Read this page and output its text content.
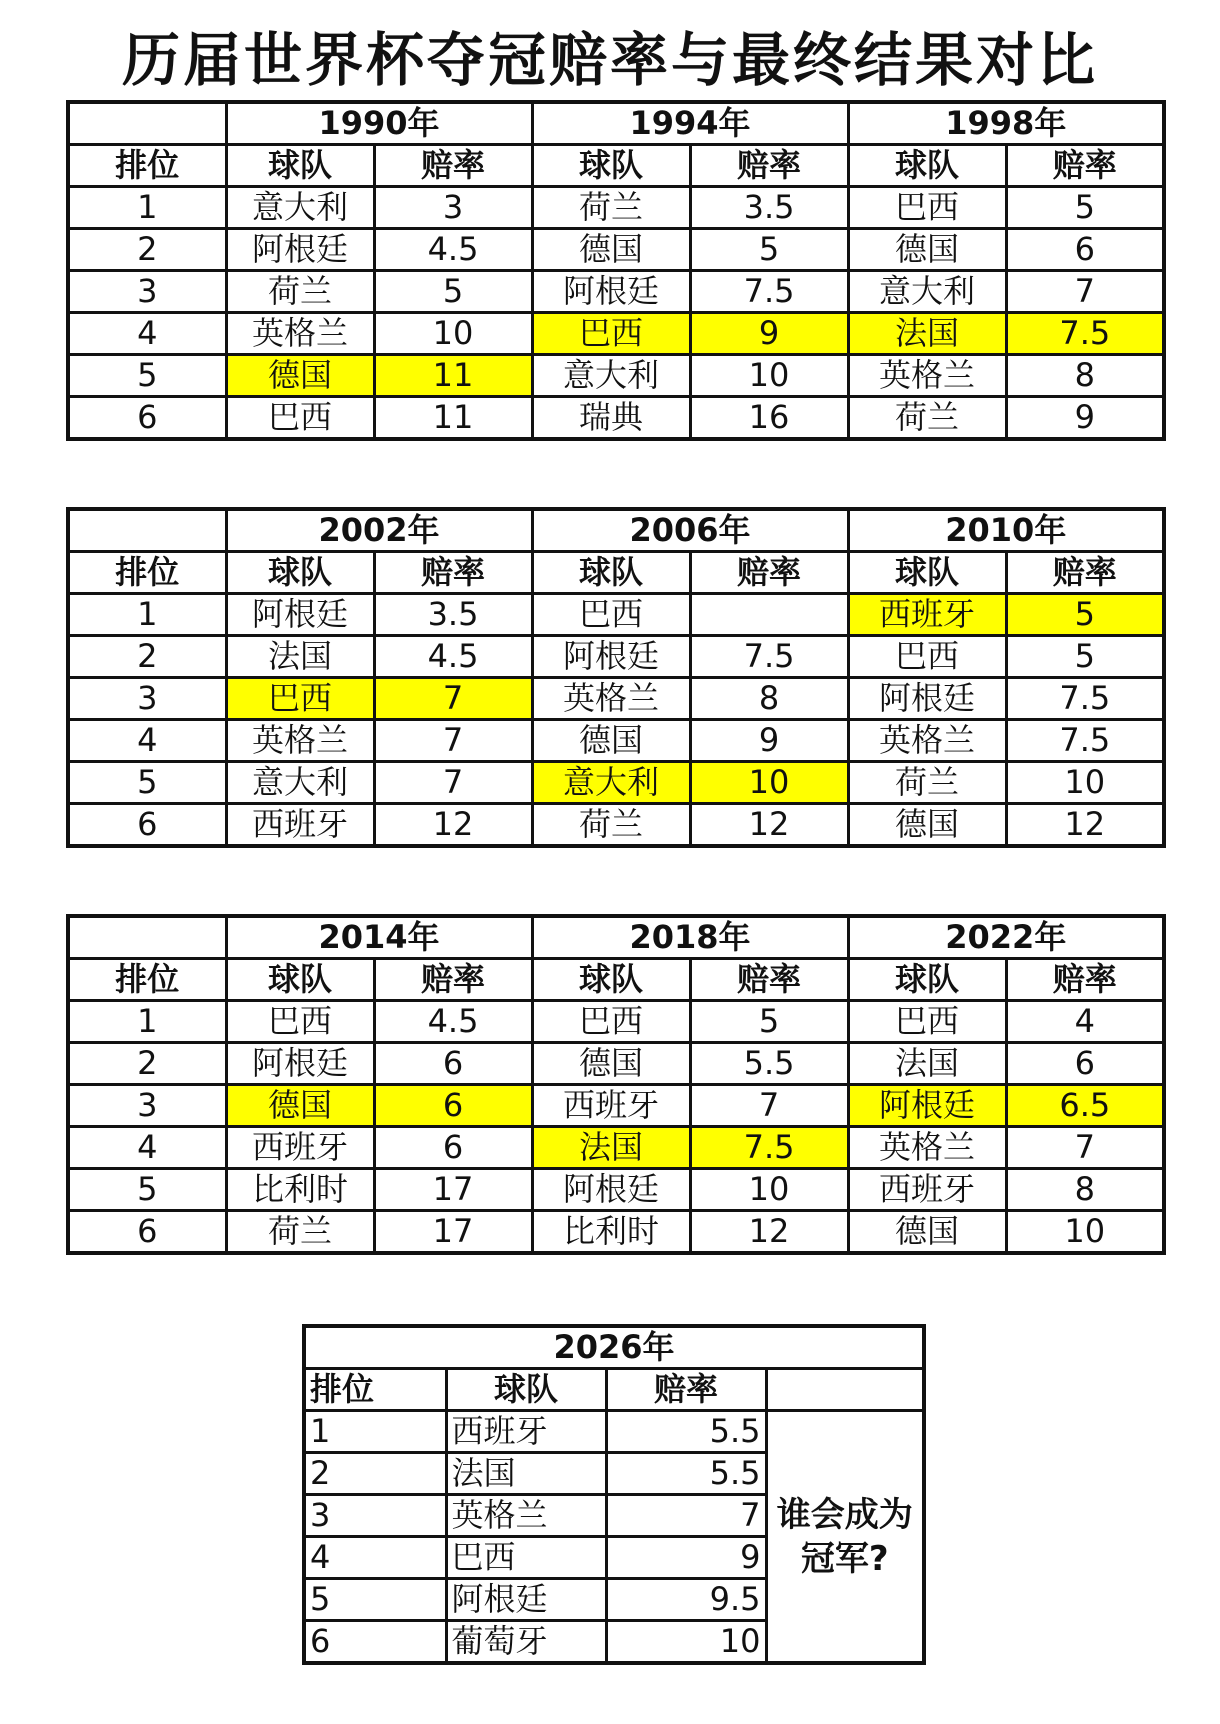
历届世界杯夺冠赔率与最终结果对比
	1990年		1994年		1998年	
排位	球队	赔率	球队	赔率	球队	赔率
1	意大利	3	荷兰	3.5	巴西	5
2	阿根廷	4.5	德国	5	德国	6
3	荷兰	5	阿根廷	7.5	意大利	7
4	英格兰	10	巴西	9	法国	7.5
5	德国	11	意大利	10	英格兰	8
6	巴西	11	瑞典	16	荷兰	9
	2002年		2006年		2010年	
排位	球队	赔率	球队	赔率	球队	赔率
1	阿根廷	3.5	巴西		西班牙	5
2	法国	4.5	阿根廷	7.5	巴西	5
3	巴西	7	英格兰	8	阿根廷	7.5
4	英格兰	7	德国	9	英格兰	7.5
5	意大利	7	意大利	10	荷兰	10
6	西班牙	12	荷兰	12	德国	12
	2014年		2018年		2022年	
排位	球队	赔率	球队	赔率	球队	赔率
1	巴西	4.5	巴西	5	巴西	4
2	阿根廷	6	德国	5.5	法国	6
3	德国	6	西班牙	7	阿根廷	6.5
4	西班牙	6	法国	7.5	英格兰	7
5	比利时	17	阿根廷	10	西班牙	8
6	荷兰	17	比利时	12	德国	10
2026年			
排位	球队	赔率	
1	西班牙	5.5	谁会成为冠军?
2	法国	5.5	
3	英格兰	7	
4	巴西	9	
5	阿根廷	9.5	
6	葡萄牙	10	
